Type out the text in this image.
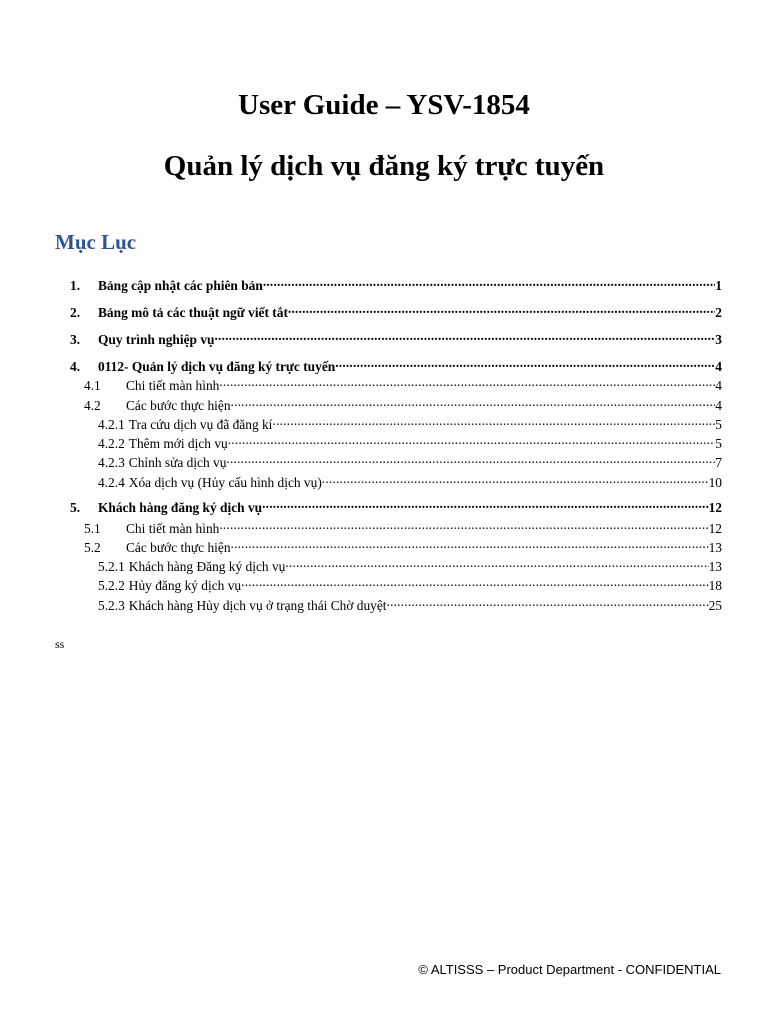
User Guide – YSV-1854
Quản lý dịch vụ đăng ký trực tuyến
Mục Lục
1.	Bảng cập nhật các phiên bản .....	1
2.	Bảng mô tả các thuật ngữ viết tắt .....	2
3.	Quy trình nghiệp vụ .....	3
4.	0112- Quản lý dịch vụ đăng ký trực tuyến .....	4
4.1	Chi tiết màn hình .....	4
4.2	Các bước thực hiện .....	4
4.2.1 Tra cứu dịch vụ đã đăng kí .....	5
4.2.2 Thêm mới dịch vụ .....	5
4.2.3 Chỉnh sửa dịch vụ .....	7
4.2.4 Xóa dịch vụ (Hủy cấu hình dịch vụ) .....	10
5.	Khách hàng đăng ký dịch vụ .....	12
5.1	Chi tiết màn hình .....	12
5.2	Các bước thực hiện .....	13
5.2.1 Khách hàng Đăng ký dịch vụ .....	13
5.2.2 Hủy đăng ký dịch vụ .....	18
5.2.3 Khách hàng Hủy dịch vụ ở trạng thái Chờ duyệt .....	25
ss
© ALTISSS – Product Department - CONFIDENTIAL
